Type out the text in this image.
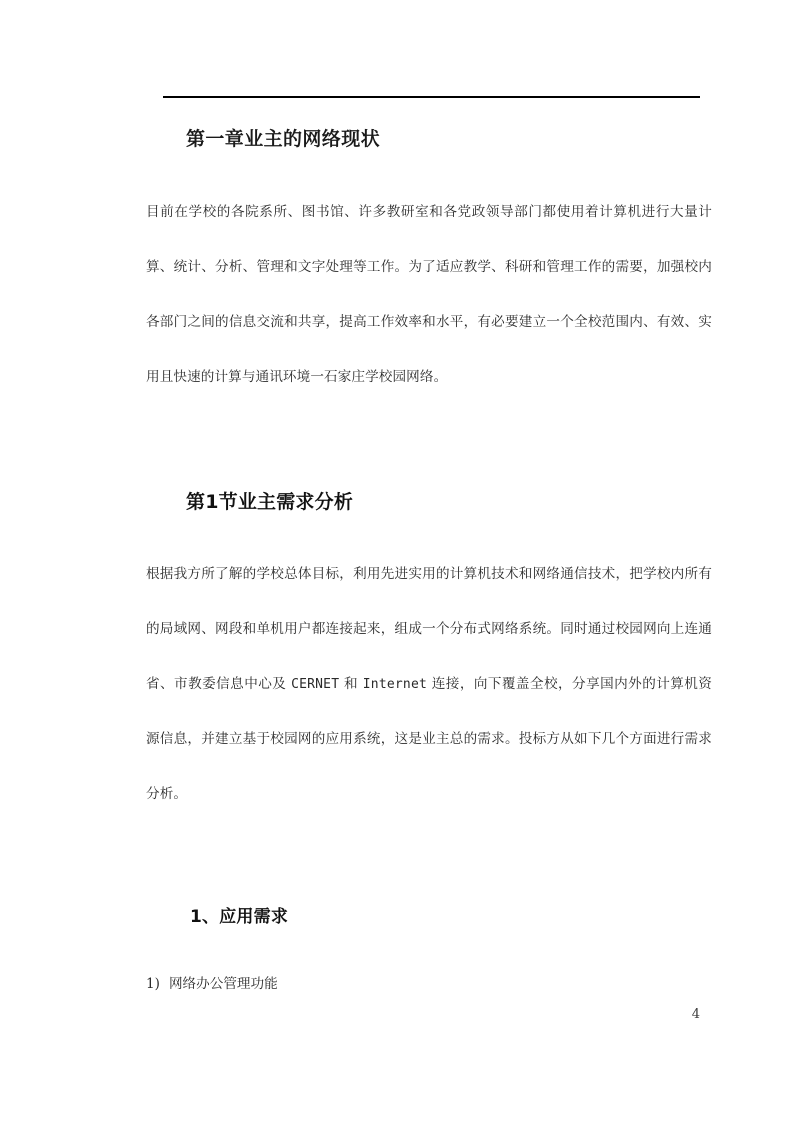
第一章业主的网络现状

目前在学校的各院系所、图书馆、许多教研室和各党政领导部门都使用着计算机进行大量计算、统计、分析、管理和文字处理等工作。为了适应教学、科研和管理工作的需要，加强校内各部门之间的信息交流和共享，提高工作效率和水平，有必要建立一个全校范围内、有效、实用且快速的计算与通讯环境一石家庄学校园网络。

第1节业主需求分析

根据我方所了解的学校总体目标，利用先进实用的计算机技术和网络通信技术，把学校内所有的局域网、网段和单机用户都连接起来，组成一个分布式网络系统。同时通过校园网向上连通省、市教委信息中心及 CERNET 和 Internet 连接，向下覆盖全校，分享国内外的计算机资源信息，并建立基于校园网的应用系统，这是业主总的需求。投标方从如下几个方面进行需求分析。

1、应用需求
1) 网络办公管理功能
4
